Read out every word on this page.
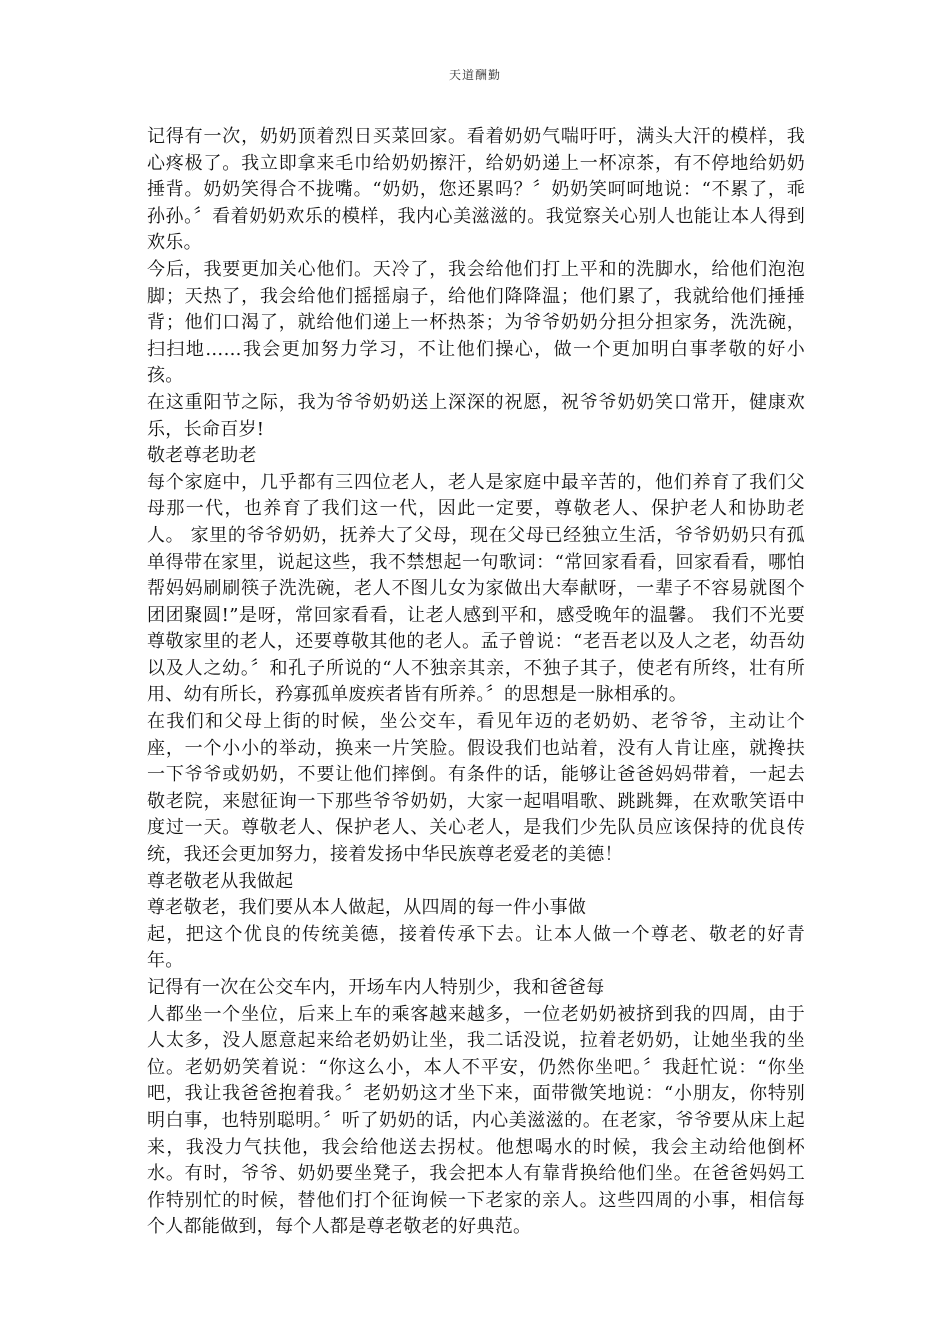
天道酬勤

记得有一次，奶奶顶着烈日买菜回家。看着奶奶气喘吁吁，满头大汗的模样，我心疼极了。我立即拿来毛巾给奶奶擦汗，给奶奶递上一杯凉茶，有不停地给奶奶捶背。奶奶笑得合不拢嘴。“奶奶，您还累吗？〞奶奶笑呵呵地说：“不累了，乖孙孙。〞看着奶奶欢乐的模样，我内心美滋滋的。我觉察关心别人也能让本人得到欢乐。

今后，我要更加关心他们。天冷了，我会给他们打上平和的洗脚水，给他们泡泡脚；天热了，我会给他们摇摇扇子，给他们降降温；他们累了，我就给他们捶捶背；他们口渴了，就给他们递上一杯热茶；为爷爷奶奶分担分担家务，洗洗碗，扫扫地……我会更加努力学习，不让他们操心，做一个更加明白事孝敬的好小孩。

在这重阳节之际，我为爷爷奶奶送上深深的祝愿，祝爷爷奶奶笑口常开，健康欢乐，长命百岁!

敬老尊老助老

每个家庭中，几乎都有三四位老人，老人是家庭中最辛苦的，他们养育了我们父母那一代，也养育了我们这一代，因此一定要，尊敬老人、保护老人和协助老人。 家里的爷爷奶奶，抚养大了父母，现在父母已经独立生活，爷爷奶奶只有孤单得带在家里，说起这些，我不禁想起一句歌词：“常回家看看，回家看看，哪怕帮妈妈刷刷筷子洗洗碗，老人不图儿女为家做出大奉献呀，一辈子不容易就图个团团聚圆!”是呀，常回家看看，让老人感到平和，感受晚年的温馨。 我们不光要尊敬家里的老人，还要尊敬其他的老人。孟子曾说：“老吾老以及人之老，幼吾幼以及人之幼。〞和孔子所说的“人不独亲其亲，不独子其子，使老有所终，壮有所用、幼有所长，矜寡孤单废疾者皆有所养。〞的思想是一脉相承的。

在我们和父母上街的时候，坐公交车，看见年迈的老奶奶、老爷爷，主动让个座，一个小小的举动，换来一片笑脸。假设我们也站着，没有人肯让座，就搀扶一下爷爷或奶奶，不要让他们摔倒。有条件的话，能够让爸爸妈妈带着，一起去敬老院，来慰征询一下那些爷爷奶奶，大家一起唱唱歌、跳跳舞，在欢歌笑语中度过一天。尊敬老人、保护老人、关心老人，是我们少先队员应该保持的优良传统，我还会更加努力，接着发扬中华民族尊老爱老的美德！

尊老敬老从我做起

尊老敬老，我们要从本人做起，从四周的每一件小事做

起，把这个优良的传统美德，接着传承下去。让本人做一个尊老、敬老的好青年。

记得有一次在公交车内，开场车内人特别少，我和爸爸每

人都坐一个坐位，后来上车的乘客越来越多，一位老奶奶被挤到我的四周，由于人太多，没人愿意起来给老奶奶让坐，我二话没说，拉着老奶奶，让她坐我的坐位。老奶奶笑着说：“你这么小，本人不平安，仍然你坐吧。〞我赶忙说：“你坐吧，我让我爸爸抱着我。〞老奶奶这才坐下来，面带微笑地说：“小朋友，你特别明白事，也特别聪明。〞听了奶奶的话，内心美滋滋的。在老家，爷爷要从床上起来，我没力气扶他，我会给他送去拐杖。他想喝水的时候，我会主动给他倒杯水。有时，爷爷、奶奶要坐凳子，我会把本人有靠背换给他们坐。在爸爸妈妈工作特别忙的时候，替他们打个征询候一下老家的亲人。这些四周的小事，相信每个人都能做到，每个人都是尊老敬老的好典范。
